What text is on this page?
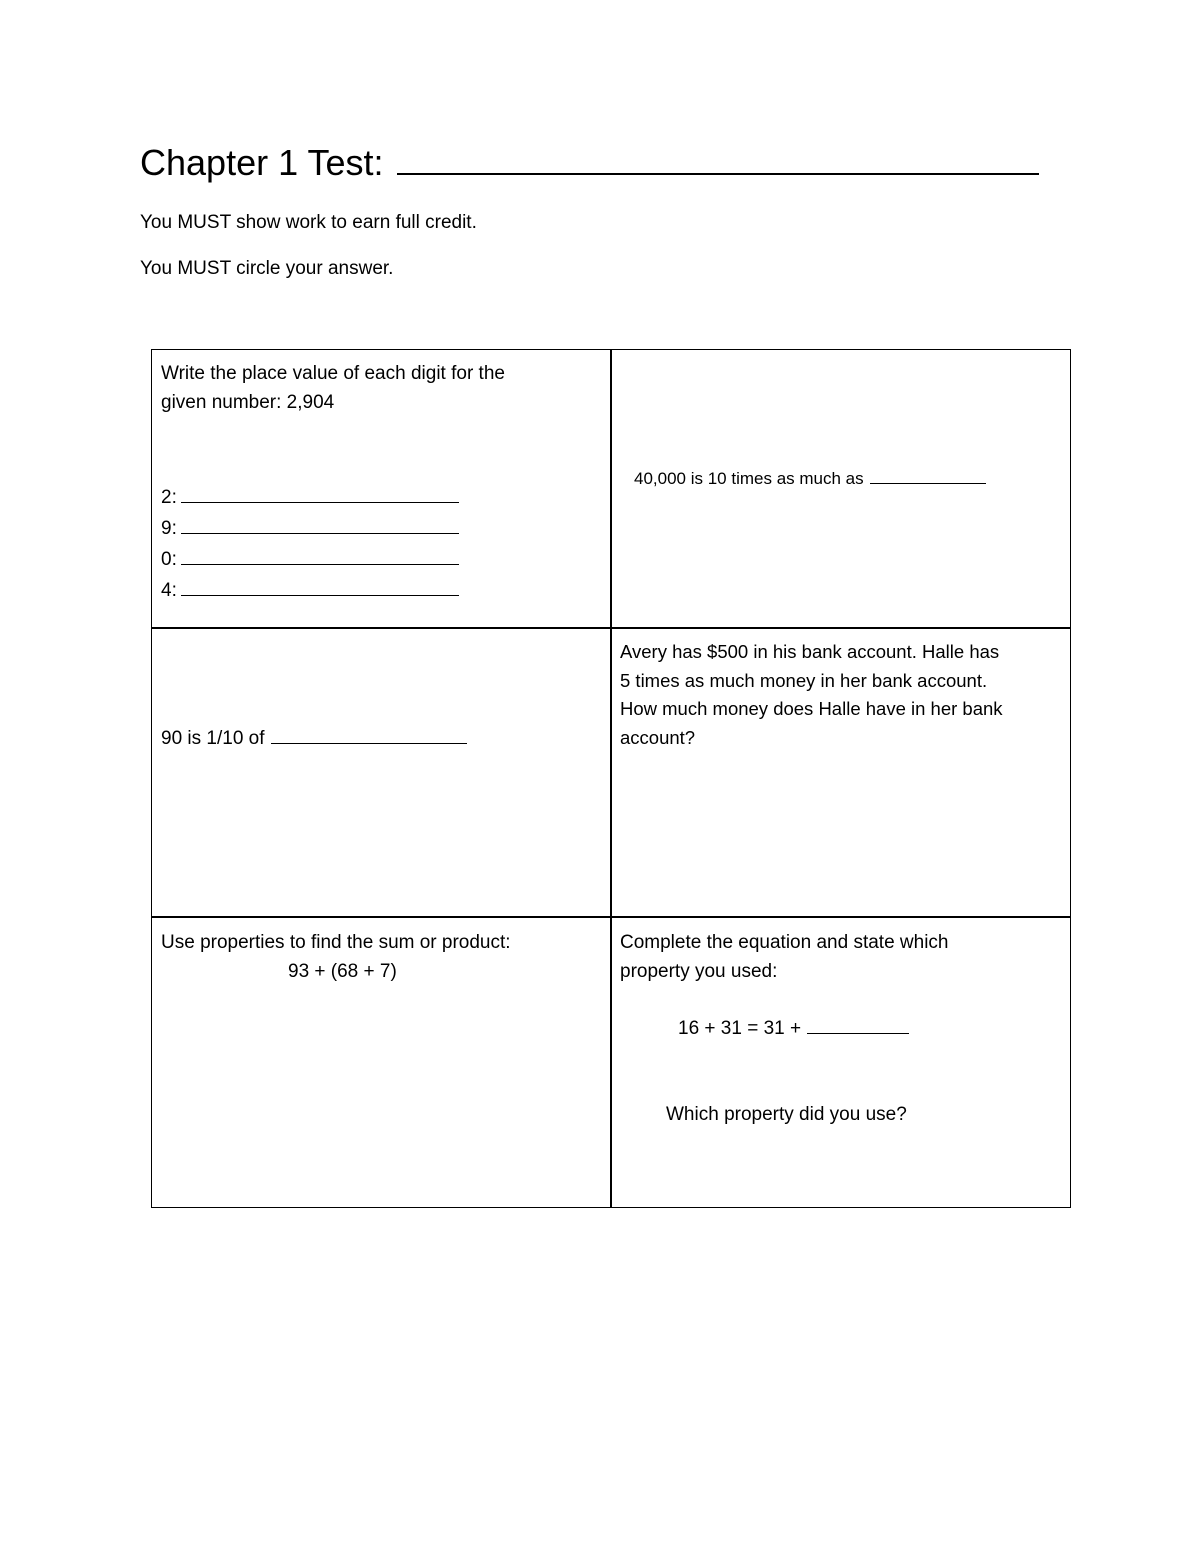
Chapter 1 Test:
You MUST show work to earn full credit.
You MUST circle your answer.
Write the place value of each digit for the
given number: 2,904
2:
9:
0:
4:
40,000 is 10 times as much as
90 is 1/10 of
Avery has $500 in his bank account. Halle has
5 times as much money in her bank account.
How much money does Halle have in her bank
account?
Use properties to find the sum or product:
93 + (68 + 7)
Complete the equation and state which
property you used:
16 + 31 = 31 +
Which property did you use?
